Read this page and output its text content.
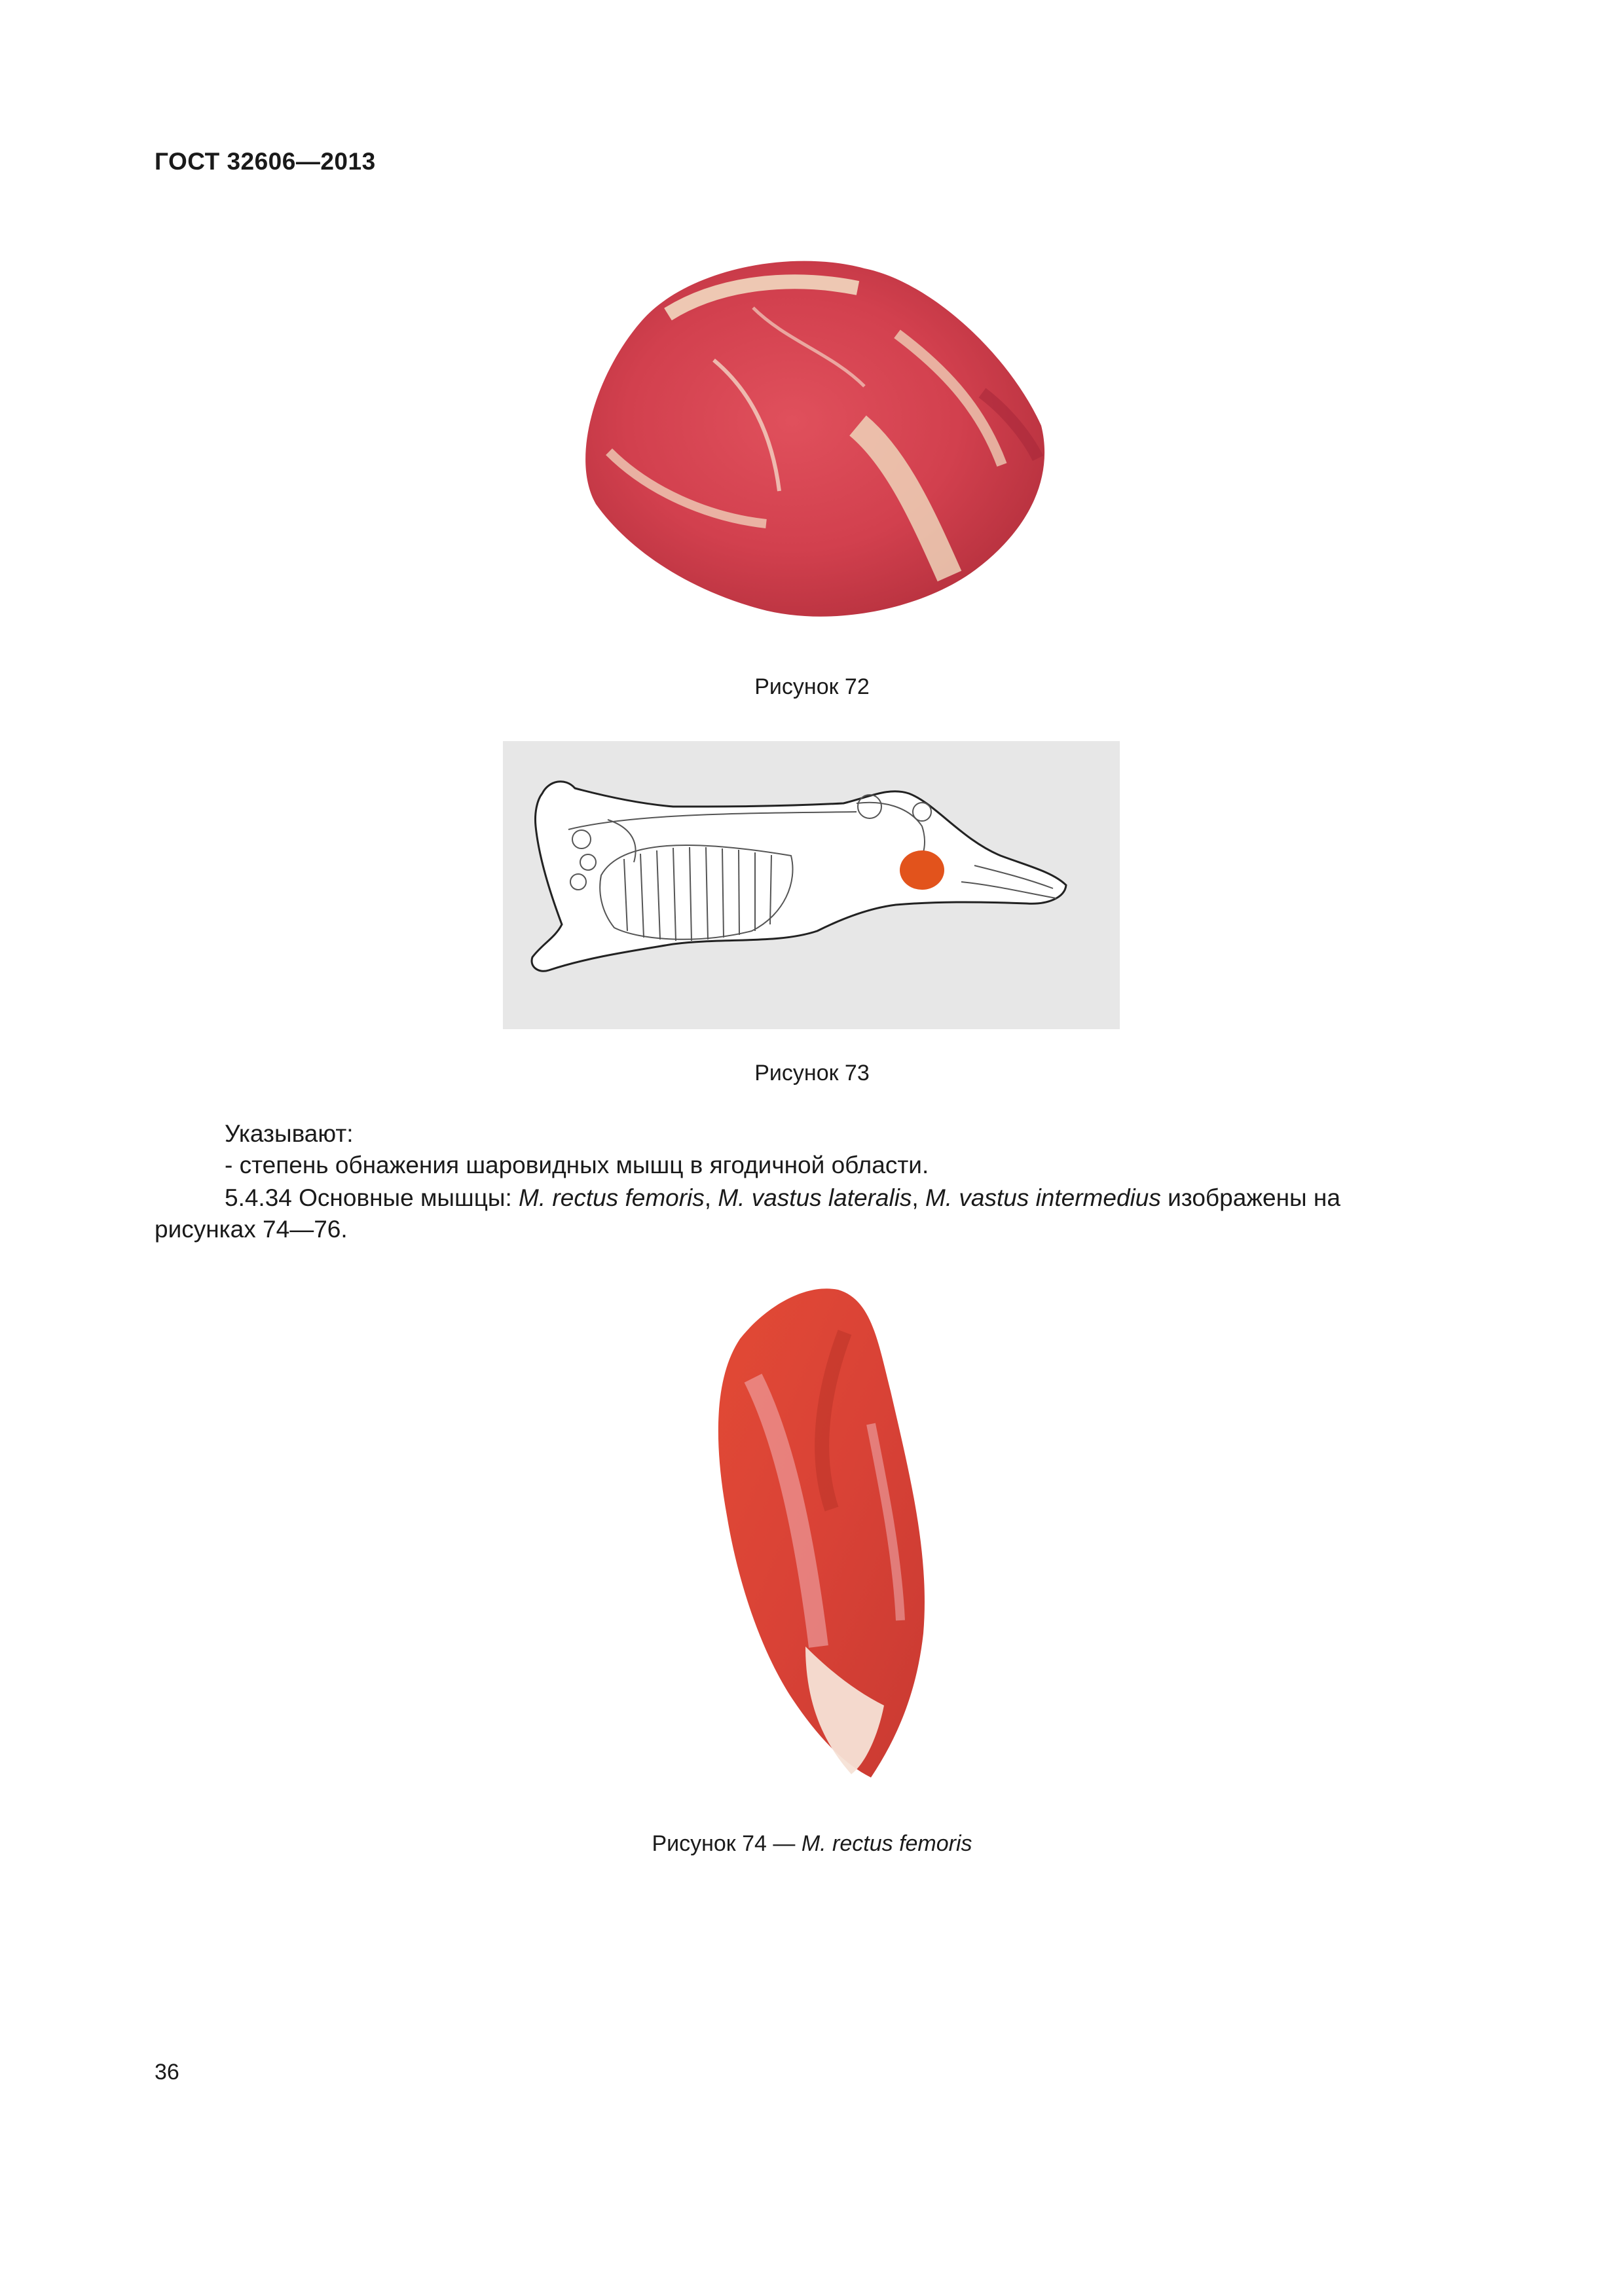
ГОСТ 32606—2013
Рисунок 72
Рисунок 73
Указывают:
- степень обнажения шаровидных мышц в ягодичной области.
5.4.34 Основные мышцы: M. rectus femoris, M. vastus lateralis, M. vastus intermedius изображены на
рисунках 74—76.
Рисунок 74 — M. rectus femoris
36
